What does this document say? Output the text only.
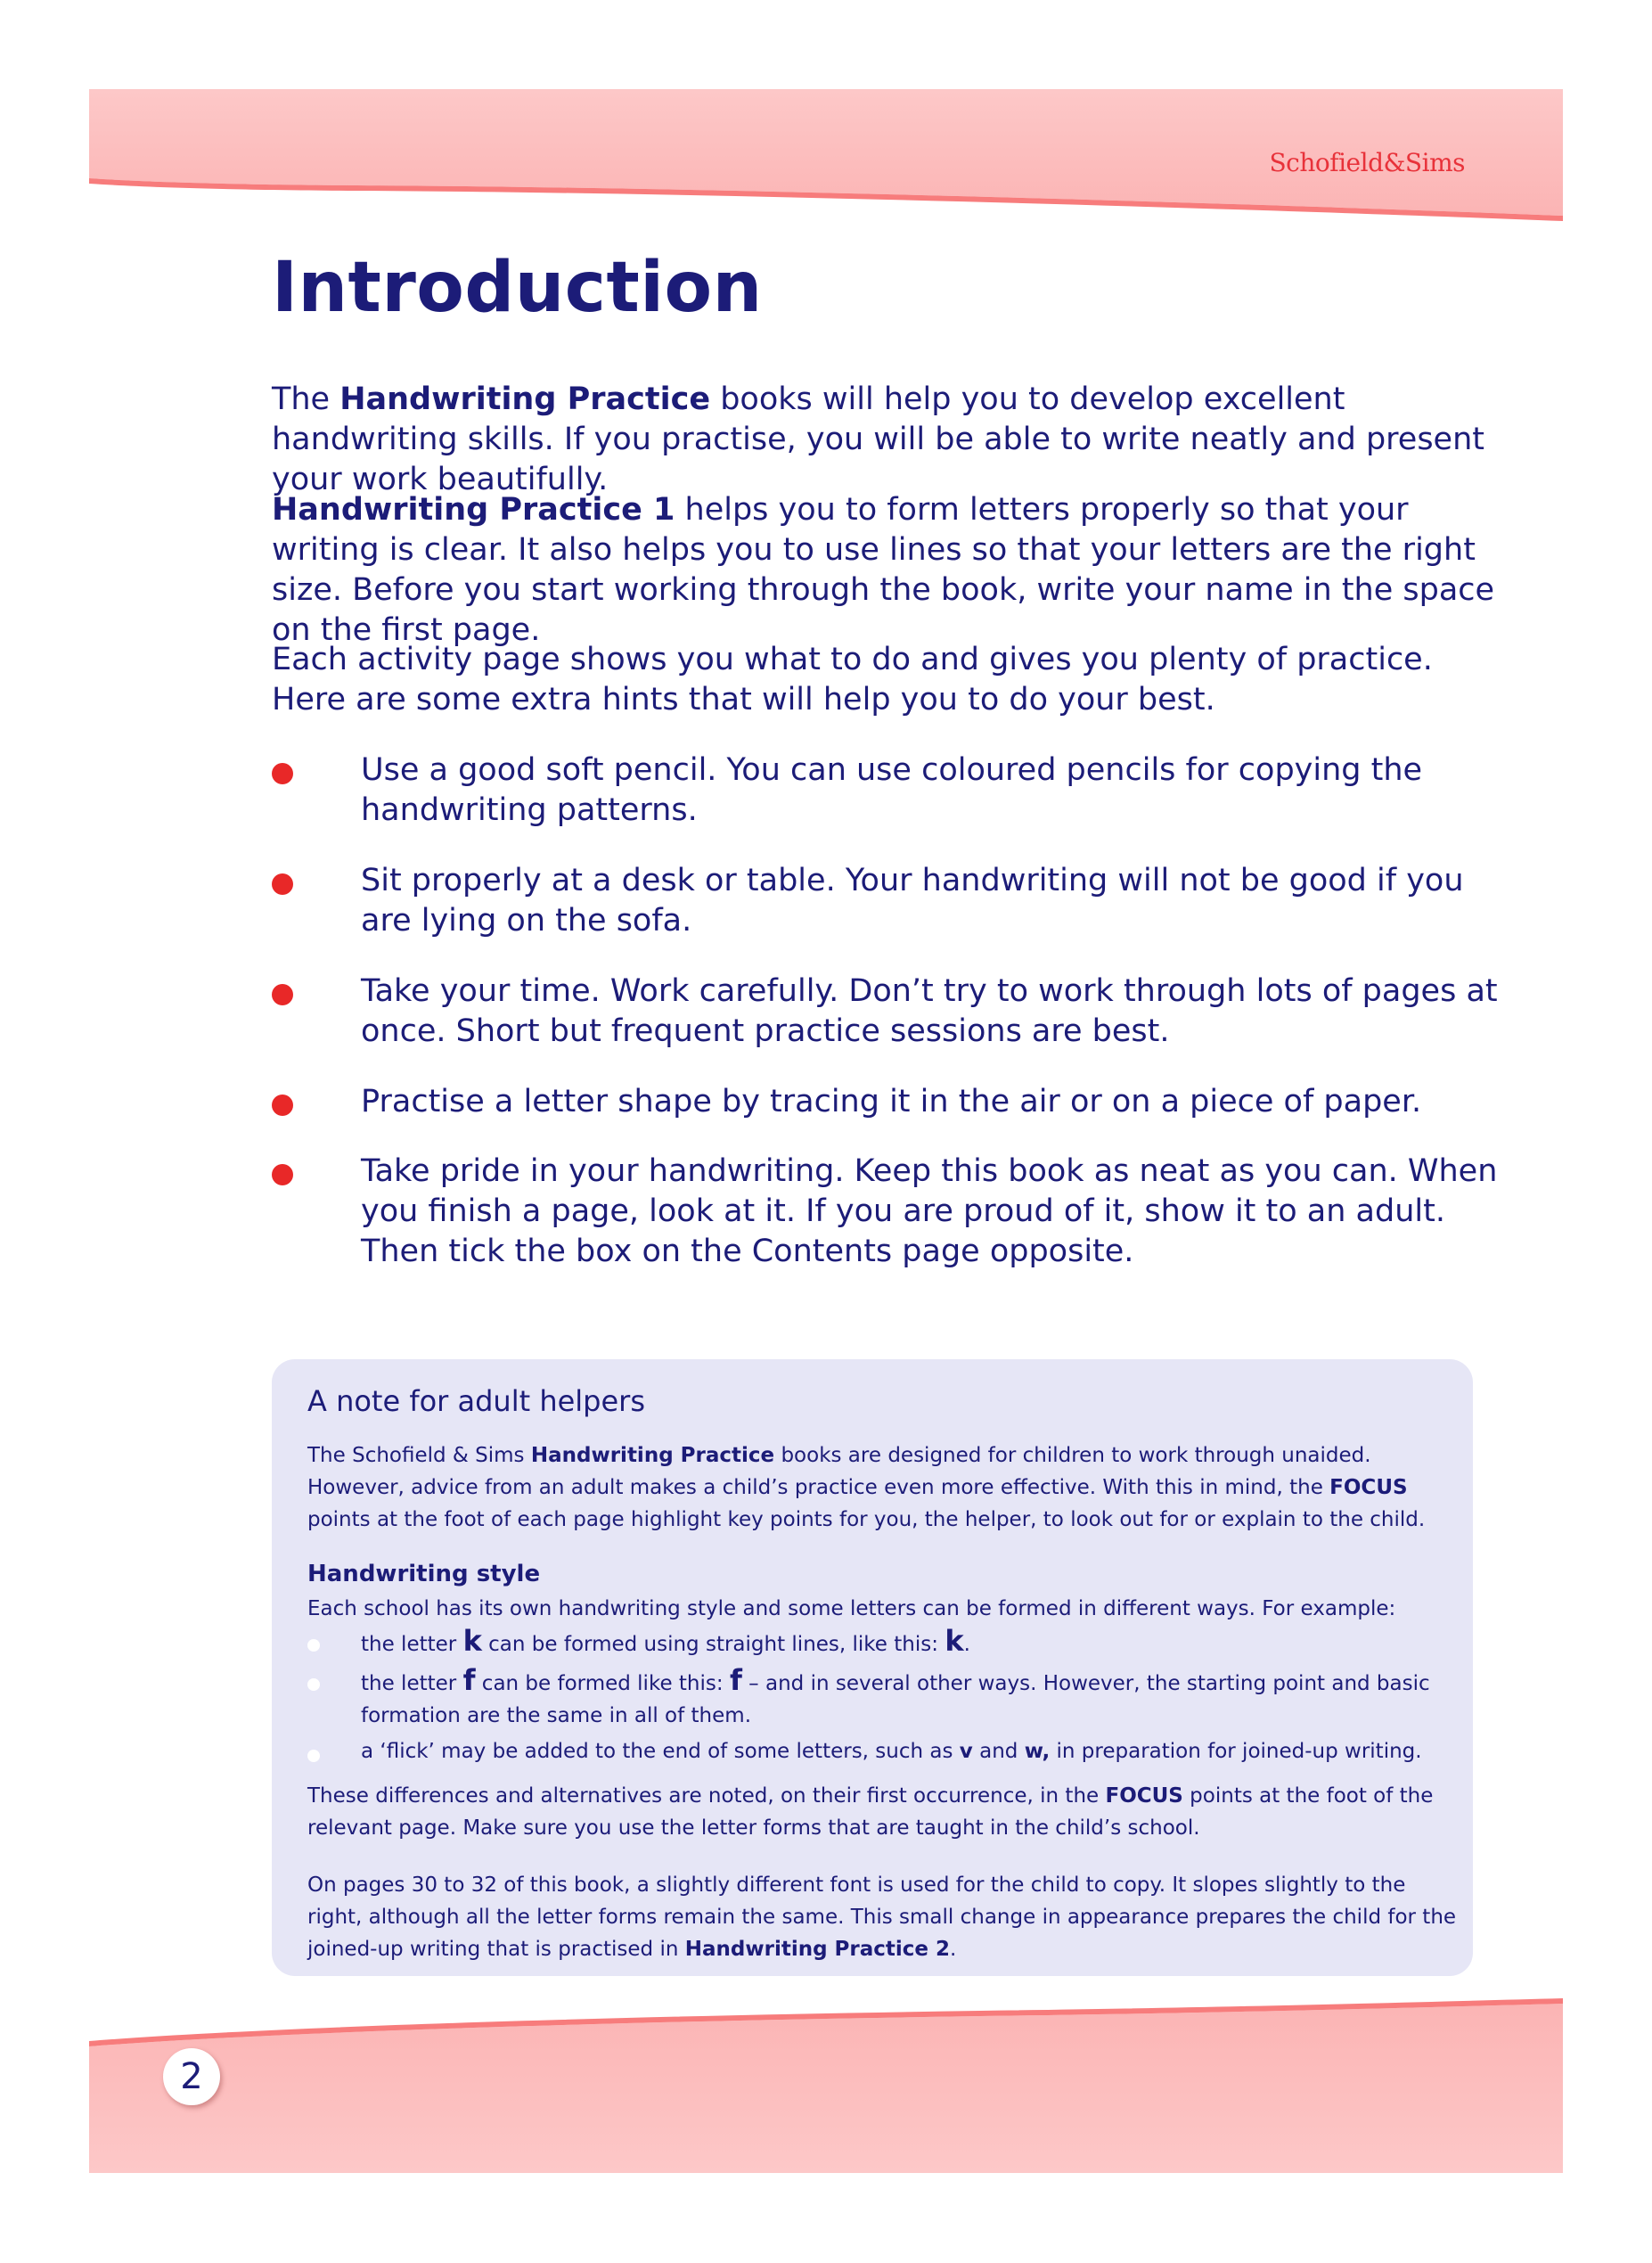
Schofield&Sims
Introduction

The Handwriting Practice books will help you to develop excellent handwriting skills. If you practise, you will be able to write neatly and present your work beautifully.

Handwriting Practice 1 helps you to form letters properly so that your writing is clear. It also helps you to use lines so that your letters are the right size. Before you start working through the book, write your name in the space on the first page.

Each activity page shows you what to do and gives you plenty of practice. Here are some extra hints that will help you to do your best.

Use a good soft pencil. You can use coloured pencils for copying the handwriting patterns.

Sit properly at a desk or table. Your handwriting will not be good if you are lying on the sofa.

Take your time. Work carefully. Don’t try to work through lots of pages at once. Short but frequent practice sessions are best.

Practise a letter shape by tracing it in the air or on a piece of paper.

Take pride in your handwriting. Keep this book as neat as you can. When you finish a page, look at it. If you are proud of it, show it to an adult. Then tick the box on the Contents page opposite.

A note for adult helpers

The Schofield & Sims Handwriting Practice books are designed for children to work through unaided. However, advice from an adult makes a child’s practice even more effective. With this in mind, the FOCUS points at the foot of each page highlight key points for you, the helper, to look out for or explain to the child.

Handwriting style

Each school has its own handwriting style and some letters can be formed in different ways. For example:

the letter k can be formed using straight lines, like this: k.
the letter f can be formed like this: f – and in several other ways. However, the starting point and basic formation are the same in all of them.
a ‘flick’ may be added to the end of some letters, such as v and w, in preparation for joined-up writing.

These differences and alternatives are noted, on their first occurrence, in the FOCUS points at the foot of the relevant page. Make sure you use the letter forms that are taught in the child’s school.

On pages 30 to 32 of this book, a slightly different font is used for the child to copy. It slopes slightly to the right, although all the letter forms remain the same. This small change in appearance prepares the child for the joined-up writing that is practised in Handwriting Practice 2.

2
